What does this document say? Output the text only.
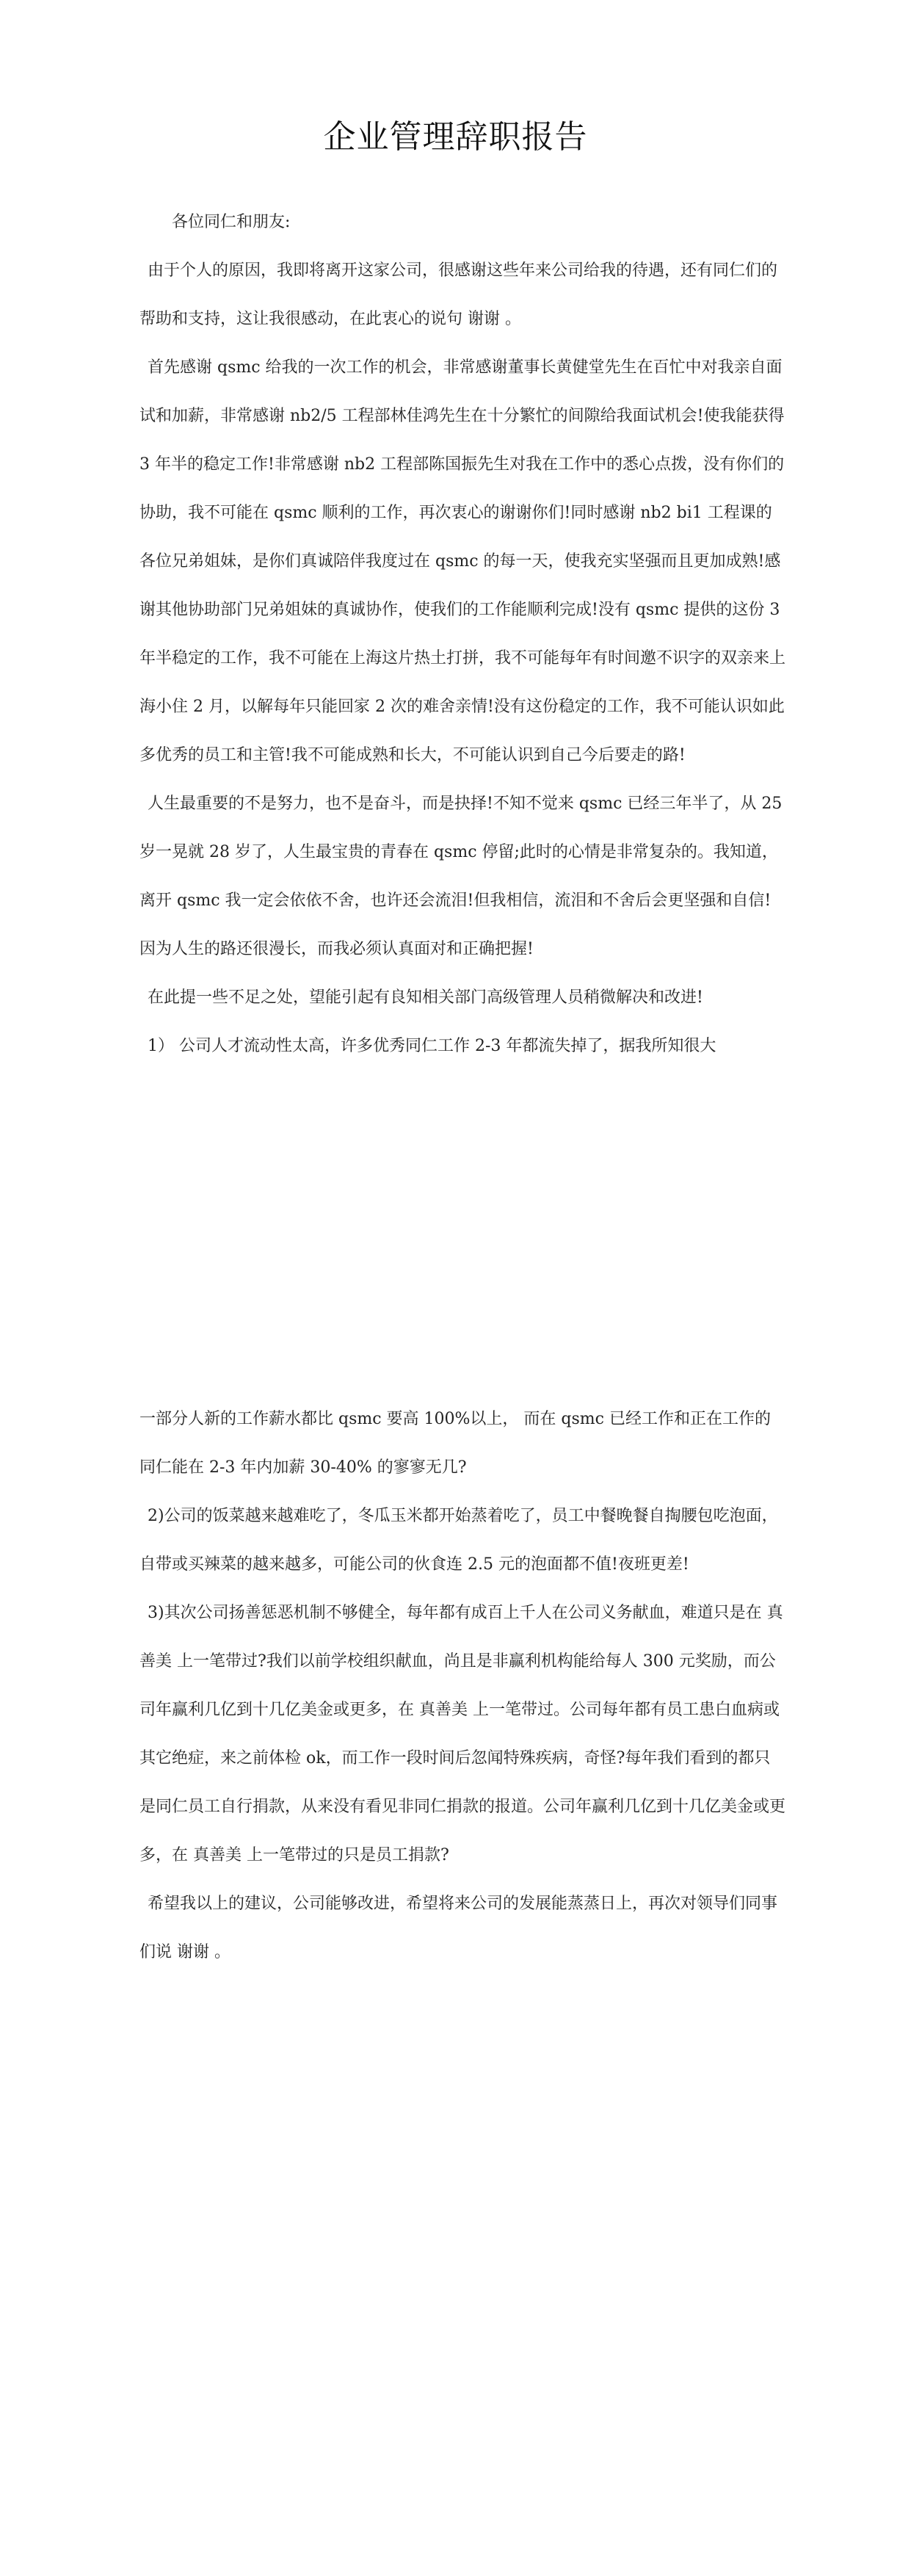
企业管理辞职报告

各位同仁和朋友:

由于个人的原因，我即将离开这家公司，很感谢这些年来公司给我的待遇，还有同仁们的帮助和支持，这让我很感动，在此衷心的说句 谢谢 。

首先感谢 qsmc 给我的一次工作的机会，非常感谢董事长黄健堂先生在百忙中对我亲自面试和加薪，非常感谢 nb2/5 工程部林佳鸿先生在十分繁忙的间隙给我面试机会!使我能获得 3 年半的稳定工作!非常感谢 nb2 工程部陈国振先生对我在工作中的悉心点拨，没有你们的协助，我不可能在 qsmc 顺利的工作，再次衷心的谢谢你们!同时感谢 nb2 bi1 工程课的各位兄弟姐妹，是你们真诚陪伴我度过在 qsmc 的每一天，使我充实坚强而且更加成熟!感谢其他协助部门兄弟姐妹的真诚协作，使我们的工作能顺利完成!没有 qsmc 提供的这份 3 年半稳定的工作，我不可能在上海这片热土打拼，我不可能每年有时间邀不识字的双亲来上海小住 2 月，以解每年只能回家 2 次的难舍亲情!没有这份稳定的工作，我不可能认识如此多优秀的员工和主管!我不可能成熟和长大，不可能认识到自己今后要走的路!

人生最重要的不是努力，也不是奋斗，而是抉择!不知不觉来 qsmc 已经三年半了，从 25 岁一晃就 28 岁了，人生最宝贵的青春在 qsmc 停留;此时的心情是非常复杂的。我知道，离开 qsmc 我一定会依依不舍，也许还会流泪!但我相信，流泪和不舍后会更坚强和自信!因为人生的路还很漫长，而我必须认真面对和正确把握!

在此提一些不足之处，望能引起有良知相关部门高级管理人员稍微解决和改进!

1） 公司人才流动性太高，许多优秀同仁工作 2-3 年都流失掉了，据我所知很大

一部分人新的工作薪水都比 qsmc 要高 100%以上， 而在 qsmc 已经工作和正在工作的同仁能在 2-3 年内加薪 30-40% 的寥寥无几?

2)公司的饭菜越来越难吃了，冬瓜玉米都开始蒸着吃了，员工中餐晚餐自掏腰包吃泡面，自带或买辣菜的越来越多，可能公司的伙食连 2.5 元的泡面都不值!夜班更差!

3)其次公司扬善惩恶机制不够健全，每年都有成百上千人在公司义务献血，难道只是在 真善美 上一笔带过?我们以前学校组织献血，尚且是非赢利机构能给每人 300 元奖励，而公司年赢利几亿到十几亿美金或更多，在 真善美 上一笔带过。公司每年都有员工患白血病或其它绝症，来之前体检 ok，而工作一段时间后忽闻特殊疾病，奇怪?每年我们看到的都只是同仁员工自行捐款，从来没有看见非同仁捐款的报道。公司年赢利几亿到十几亿美金或更多，在 真善美 上一笔带过的只是员工捐款?

希望我以上的建议，公司能够改进，希望将来公司的发展能蒸蒸日上，再次对领导们同事们说 谢谢 。
